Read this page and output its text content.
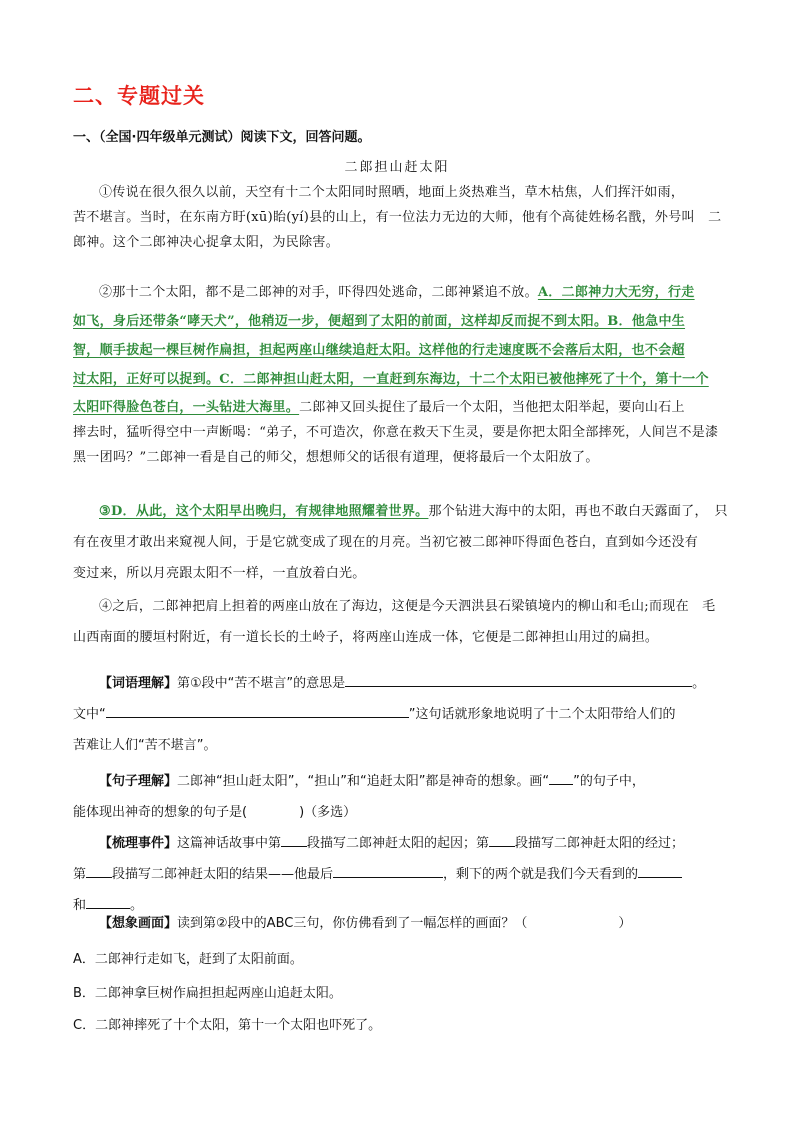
二、专题过关
一、（全国·四年级单元测试）阅读下文，回答问题。
二郎担山赶太阳
①传说在很久很久以前，天空有十二个太阳同时照晒，地面上炎热难当，草木枯焦，人们挥汗如雨，
苦不堪言。当时，在东南方盱(xū)眙(yí)县的山上，有一位法力无边的大师，他有个高徒姓杨名戬，外号叫　二
郎神。这个二郎神决心捉拿太阳，为民除害。
②那十二个太阳，都不是二郎神的对手，吓得四处逃命，二郎神紧追不放。A．二郎神力大无穷，行走
如飞，身后还带条“哮天犬”，他稍迈一步，便超到了太阳的前面，这样却反而捉不到太阳。B．他急中生
智，顺手拔起一棵巨树作扁担，担起两座山继续追赶太阳。这样他的行走速度既不会落后太阳，也不会超
过太阳，正好可以捉到。C．二郎神担山赶太阳，一直赶到东海边，十二个太阳已被他摔死了十个，第十一个
太阳吓得脸色苍白，一头钻进大海里。二郎神又回头捉住了最后一个太阳，当他把太阳举起，要向山石上
摔去时，猛听得空中一声断喝：“弟子，不可造次，你意在救天下生灵，要是你把太阳全部摔死，人间岂不是漆
黑一团吗？”二郎神一看是自己的师父，想想师父的话很有道理，便将最后一个太阳放了。
③D．从此，这个太阳早出晚归，有规律地照耀着世界。那个钻进大海中的太阳，再也不敢白天露面了，　只
有在夜里才敢出来窥视人间，于是它就变成了现在的月亮。当初它被二郎神吓得面色苍白，直到如今还没有
变过来，所以月亮跟太阳不一样，一直放着白光。
④之后，二郎神把肩上担着的两座山放在了海边，这便是今天泗洪县石梁镇境内的柳山和毛山;而现在　毛
山西南面的腰垣村附近，有一道长长的土岭子，将两座山连成一体，它便是二郎神担山用过的扁担。
【词语理解】第①段中“苦不堪言”的意思是	。
文中“	”这句话就形象地说明了十二个太阳带给人们的
苦难让人们“苦不堪言”。
【句子理解】二郎神“担山赶太阳”，“担山”和“追赶太阳”都是神奇的想象。画“ ”的句子中，
能体现出神奇的想象的句子是(　　　　)（多选）
【梳理事件】这篇神话故事中第 段描写二郎神赶太阳的起因；第 段描写二郎神赶太阳的经过；
第 段描写二郎神赶太阳的结果——他最后	，剩下的两个就是我们今天看到的
和	。
【想象画面】读到第②段中的ABC三句，你仿佛看到了一幅怎样的画面？（　　　　　　　）
A．二郎神行走如飞，赶到了太阳前面。
B．二郎神拿巨树作扁担担起两座山追赶太阳。
C．二郎神摔死了十个太阳，第十一个太阳也吓死了。
